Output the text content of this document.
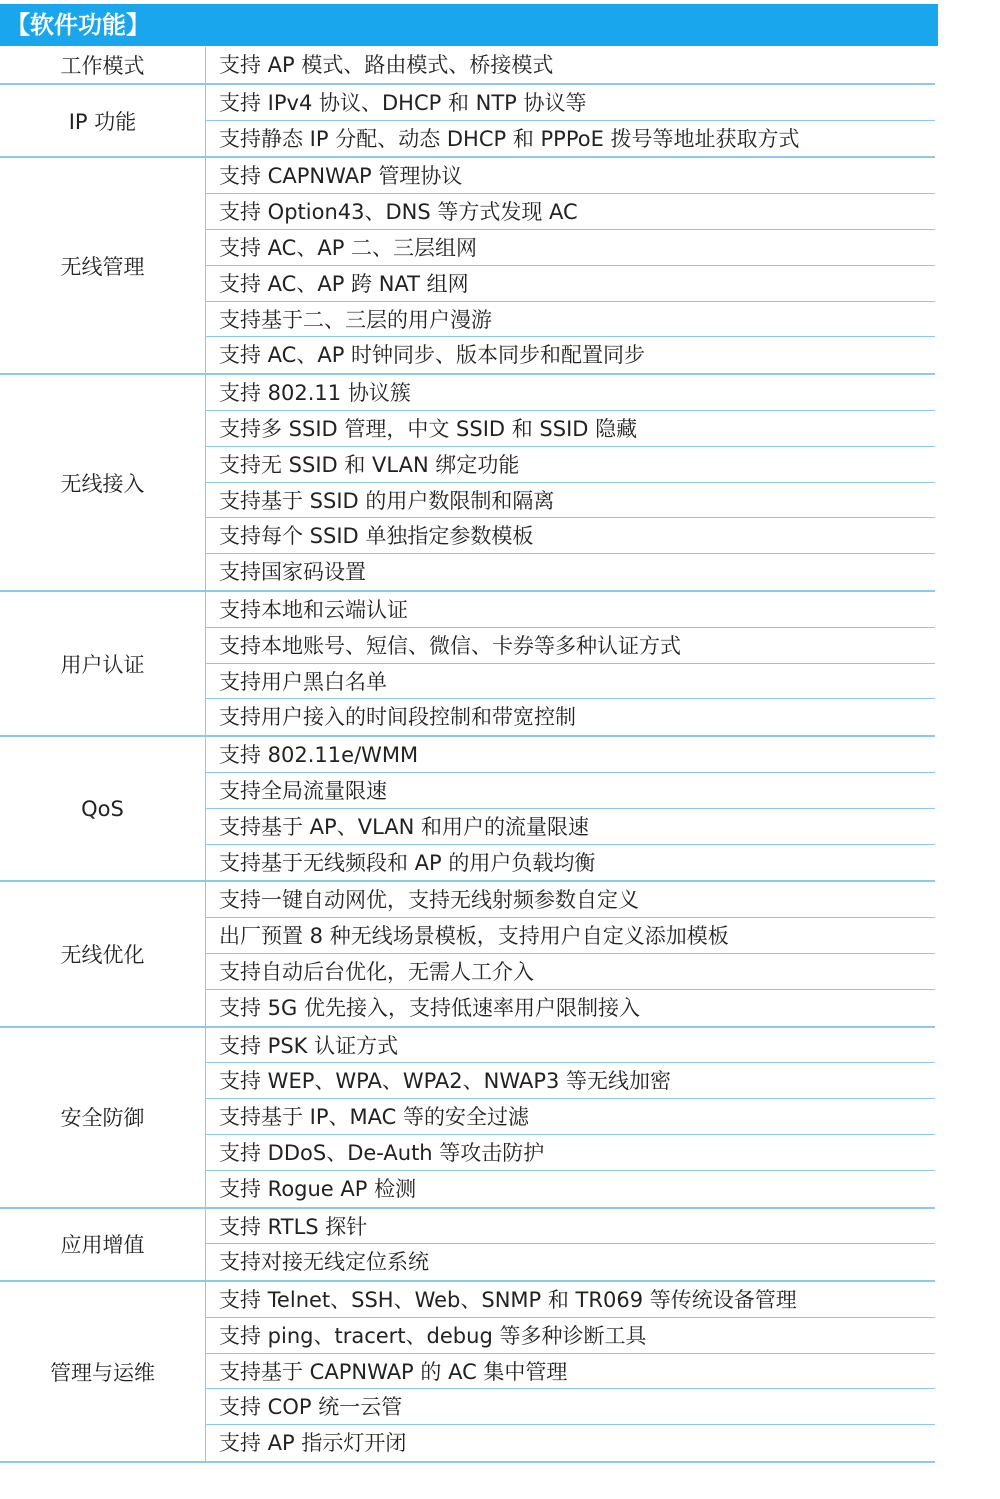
【软件功能】
工作模式	支持 AP 模式、路由模式、桥接模式
IP 功能
支持 IPv4 协议、DHCP 和 NTP 协议等
支持静态 IP 分配、动态 DHCP 和 PPPoE 拨号等地址获取方式
无线管理
支持 CAPNWAP 管理协议
支持 Option43、DNS 等方式发现 AC
支持 AC、AP 二、三层组网
支持 AC、AP 跨 NAT 组网
支持基于二、三层的用户漫游
支持 AC、AP 时钟同步、版本同步和配置同步
无线接入
支持 802.11 协议簇
支持多 SSID 管理，中文 SSID 和 SSID 隐藏
支持无 SSID 和 VLAN 绑定功能
支持基于 SSID 的用户数限制和隔离
支持每个 SSID 单独指定参数模板
支持国家码设置
用户认证
支持本地和云端认证
支持本地账号、短信、微信、卡券等多种认证方式
支持用户黑白名单
支持用户接入的时间段控制和带宽控制
QoS
支持 802.11e/WMM
支持全局流量限速
支持基于 AP、VLAN 和用户的流量限速
支持基于无线频段和 AP 的用户负载均衡
无线优化
支持一键自动网优，支持无线射频参数自定义
出厂预置 8 种无线场景模板，支持用户自定义添加模板
支持自动后台优化，无需人工介入
支持 5G 优先接入，支持低速率用户限制接入
安全防御
支持 PSK 认证方式
支持 WEP、WPA、WPA2、NWAP3 等无线加密
支持基于 IP、MAC 等的安全过滤
支持 DDoS、De-Auth 等攻击防护
支持 Rogue AP 检测
应用增值
支持 RTLS 探针
支持对接无线定位系统
管理与运维
支持 Telnet、SSH、Web、SNMP 和 TR069 等传统设备管理
支持 ping、tracert、debug 等多种诊断工具
支持基于 CAPNWAP 的 AC 集中管理
支持 COP 统一云管
支持 AP 指示灯开闭
